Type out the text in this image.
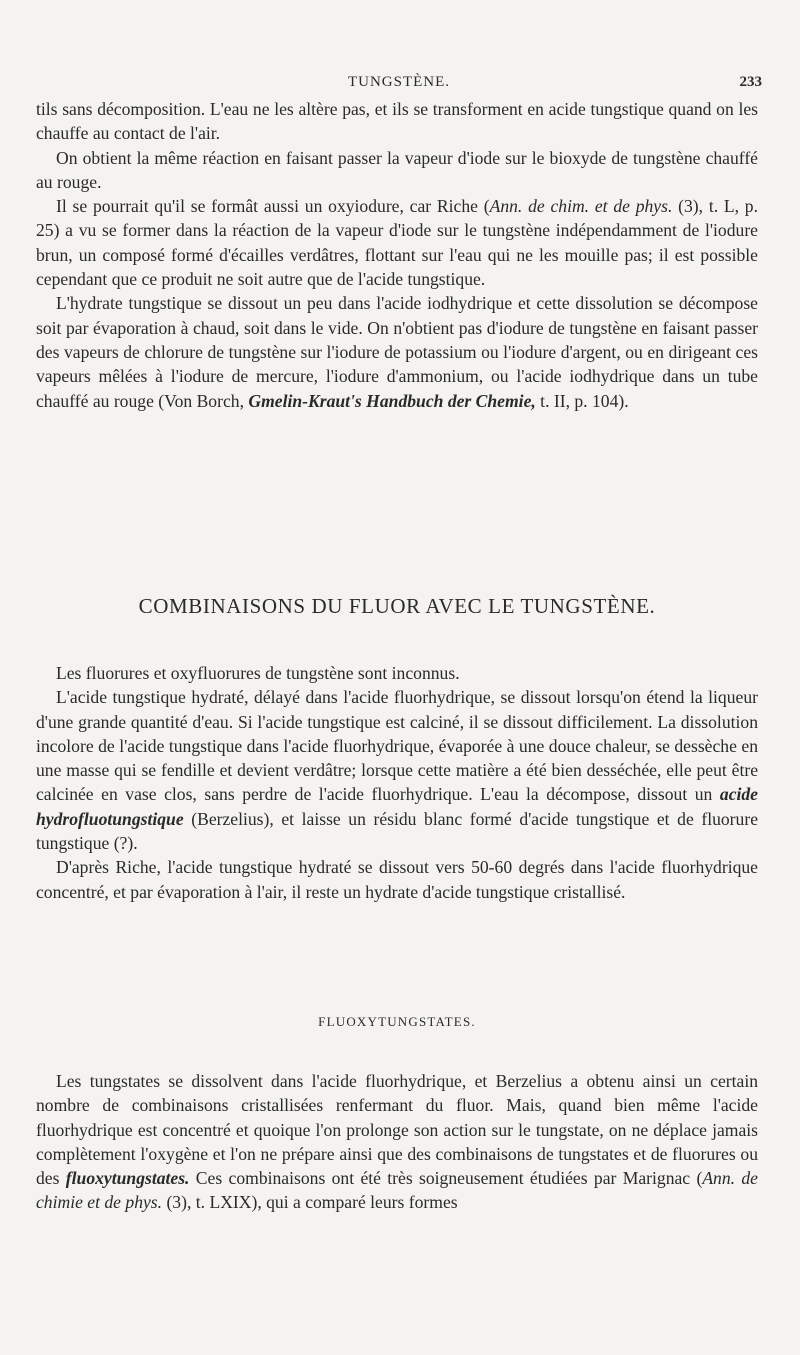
TUNGSTÈNE.	233

tils sans décomposition. L'eau ne les altère pas, et ils se transforment en acide tungstique quand on les chauffe au contact de l'air.

On obtient la même réaction en faisant passer la vapeur d'iode sur le bioxyde de tungstène chauffé au rouge.

Il se pourrait qu'il se formât aussi un oxyiodure, car Riche (Ann. de chim. et de phys. (3), t. L, p. 25) a vu se former dans la réaction de la vapeur d'iode sur le tungstène indépendamment de l'iodure brun, un composé formé d'écailles verdâtres, flottant sur l'eau qui ne les mouille pas; il est possible cependant que ce produit ne soit autre que de l'acide tungstique.

L'hydrate tungstique se dissout un peu dans l'acide iodhydrique et cette dissolution se décompose soit par évaporation à chaud, soit dans le vide. On n'obtient pas d'iodure de tungstène en faisant passer des vapeurs de chlorure de tungstène sur l'iodure de potassium ou l'iodure d'argent, ou en dirigeant ces vapeurs mêlées à l'iodure de mercure, l'iodure d'ammonium, ou l'acide iodhydrique dans un tube chauffé au rouge (Von Borch, Gmelin-Kraut's Handbuch der Chemie, t. II, p. 104).

COMBINAISONS DU FLUOR AVEC LE TUNGSTÈNE.

Les fluorures et oxyfluorures de tungstène sont inconnus.

L'acide tungstique hydraté, délayé dans l'acide fluorhydrique, se dissout lorsqu'on étend la liqueur d'une grande quantité d'eau. Si l'acide tungstique est calciné, il se dissout difficilement. La dissolution incolore de l'acide tungstique dans l'acide fluorhydrique, évaporée à une douce chaleur, se dessèche en une masse qui se fendille et devient verdâtre; lorsque cette matière a été bien desséchée, elle peut être calcinée en vase clos, sans perdre de l'acide fluorhydrique. L'eau la décompose, dissout un acide hydrofluotungstique (Berzelius), et laisse un résidu blanc formé d'acide tungstique et de fluorure tungstique (?).

D'après Riche, l'acide tungstique hydraté se dissout vers 50-60 degrés dans l'acide fluorhydrique concentré, et par évaporation à l'air, il reste un hydrate d'acide tungstique cristallisé.

FLUOXYTUNGSTATES.

Les tungstates se dissolvent dans l'acide fluorhydrique, et Berzelius a obtenu ainsi un certain nombre de combinaisons cristallisées renfermant du fluor. Mais, quand bien même l'acide fluorhydrique est concentré et quoique l'on prolonge son action sur le tungstate, on ne déplace jamais complètement l'oxygène et l'on ne prépare ainsi que des combinaisons de tungstates et de fluorures ou des fluoxytungstates. Ces combinaisons ont été très soigneusement étudiées par Marignac (Ann. de chimie et de phys. (3), t. LXIX), qui a comparé leurs formes
